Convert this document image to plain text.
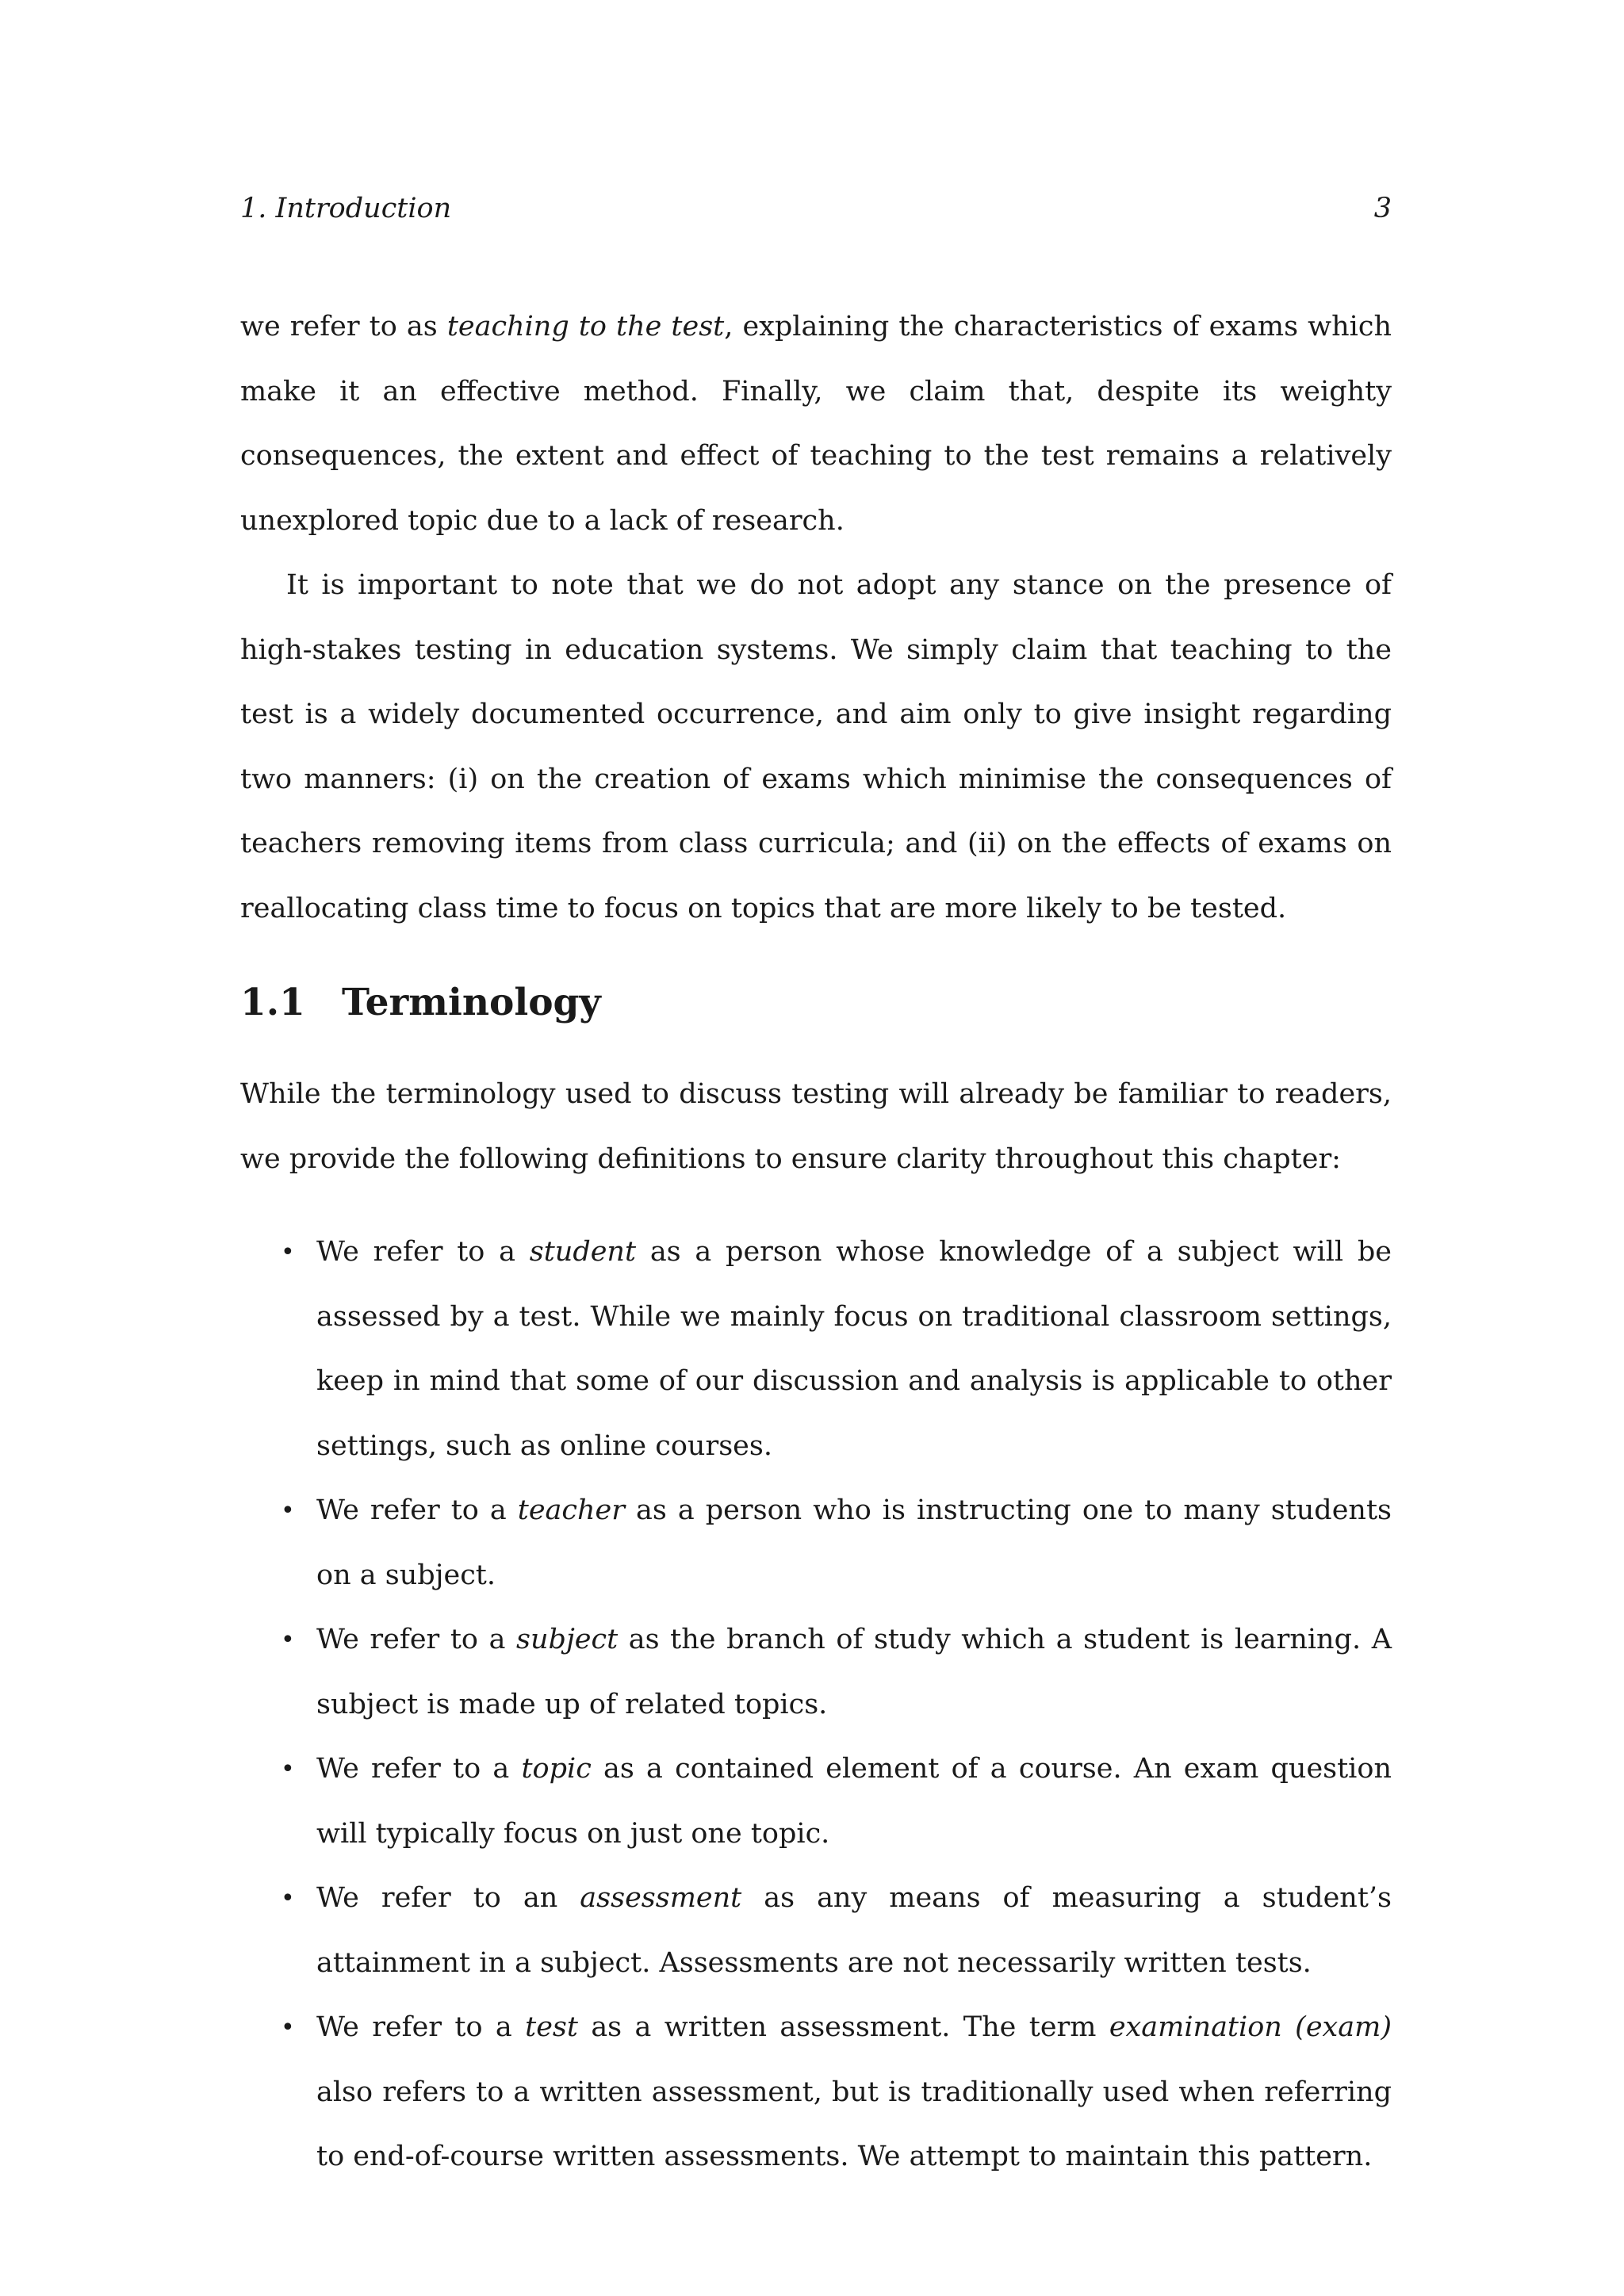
1. Introduction	3

we refer to as teaching to the test, explaining the characteristics of exams which make it an effective method. Finally, we claim that, despite its weighty consequences, the extent and effect of teaching to the test remains a relatively unexplored topic due to a lack of research.

It is important to note that we do not adopt any stance on the presence of high-stakes testing in education systems. We simply claim that teaching to the test is a widely documented occurrence, and aim only to give insight regarding two manners: (i) on the creation of exams which minimise the consequences of teachers removing items from class curricula; and (ii) on the effects of exams on reallocating class time to focus on topics that are more likely to be tested.

1.1 Terminology

While the terminology used to discuss testing will already be familiar to readers, we provide the following definitions to ensure clarity throughout this chapter:

• We refer to a student as a person whose knowledge of a subject will be assessed by a test. While we mainly focus on traditional classroom settings, keep in mind that some of our discussion and analysis is applicable to other settings, such as online courses.
• We refer to a teacher as a person who is instructing one to many students on a subject.
• We refer to a subject as the branch of study which a student is learning. A subject is made up of related topics.
• We refer to a topic as a contained element of a course. An exam question will typically focus on just one topic.
• We refer to an assessment as any means of measuring a student’s attainment in a subject. Assessments are not necessarily written tests.
• We refer to a test as a written assessment. The term examination (exam) also refers to a written assessment, but is traditionally used when referring to end-of-course written assessments. We attempt to maintain this pattern.
